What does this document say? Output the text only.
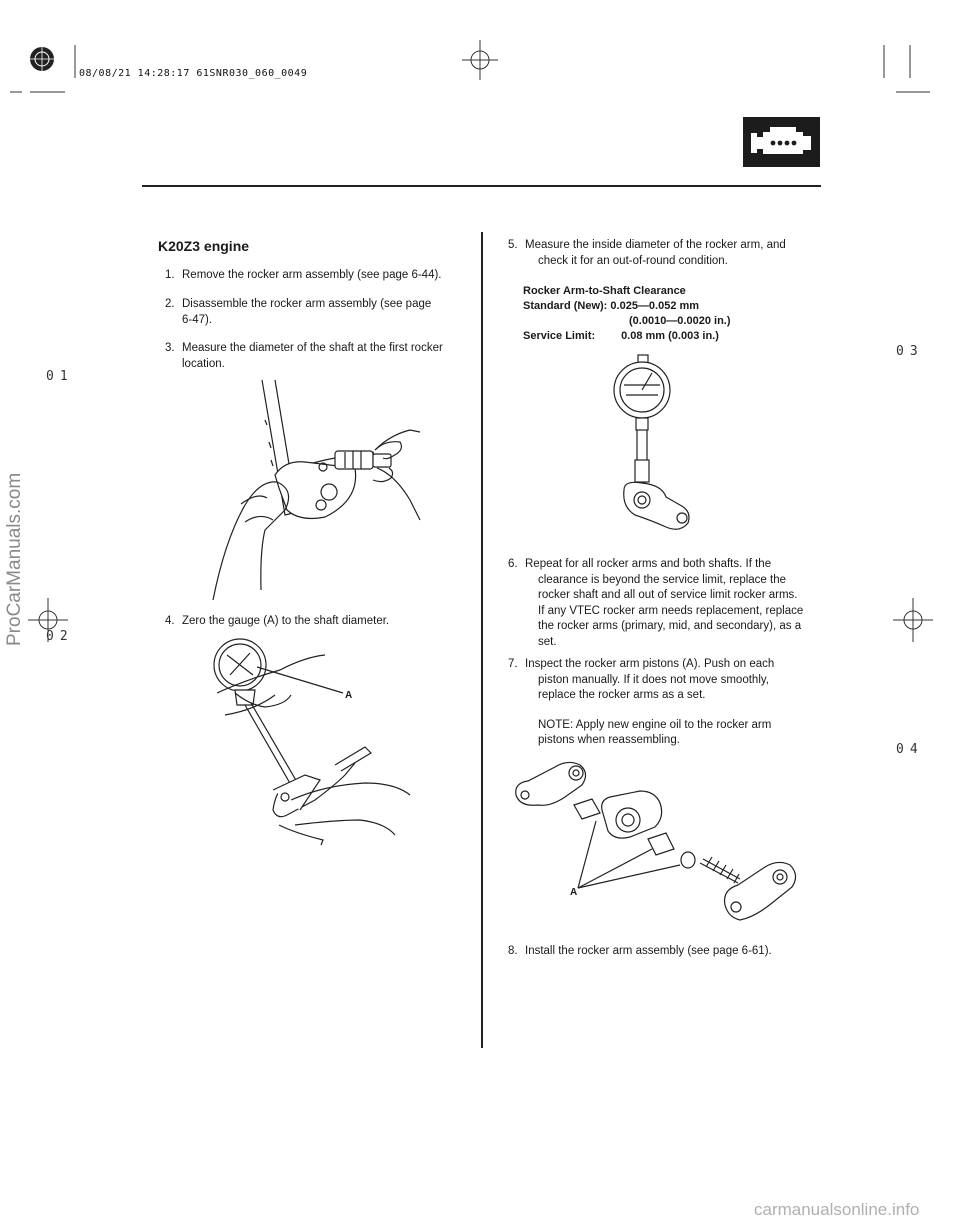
08/08/21 14:28:17 61SNR030_060_0049
K20Z3 engine
1. Remove the rocker arm assembly (see page 6-44).
2. Disassemble the rocker arm assembly (see page
6-47).
3. Measure the diameter of the shaft at the first rocker
location.
4. Zero the gauge (A) to the shaft diameter.
A
5. Measure the inside diameter of the rocker arm, and
check it for an out-of-round condition.
Rocker Arm-to-Shaft Clearance
Standard (New): 0.025—0.052 mm
(0.0010—0.0020 in.)
Service Limit: 0.08 mm (0.003 in.)
6. Repeat for all rocker arms and both shafts. If the
clearance is beyond the service limit, replace the
rocker shaft and all out of service limit rocker arms.
If any VTEC rocker arm needs replacement, replace
the rocker arms (primary, mid, and secondary), as a
set.
7. Inspect the rocker arm pistons (A). Push on each
piston manually. If it does not move smoothly,
replace the rocker arms as a set.
NOTE: Apply new engine oil to the rocker arm
pistons when reassembling.
A
8. Install the rocker arm assembly (see page 6-61).
01
02
03
04
ProCarManuals.com
carmanualsonline.info
